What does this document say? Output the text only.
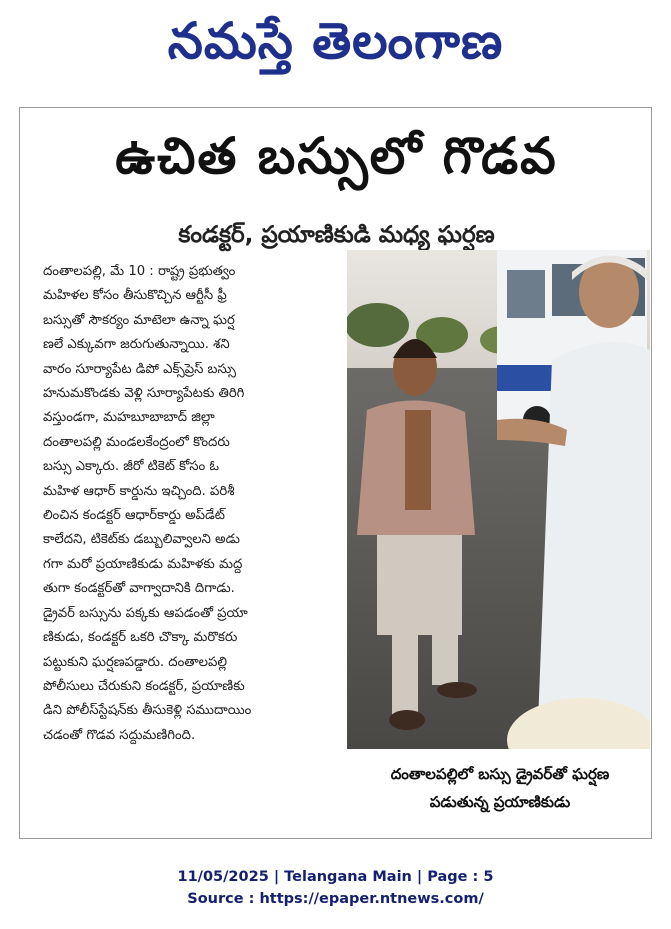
నమస్తే తెలంగాణ
ఉచిత బస్సులో గొడవ
కండక్టర్, ప్రయాణికుడి మధ్య ఘర్షణ
దంతాలపల్లి, మే 10 : రాష్ట్ర ప్రభుత్వం
మహిళల కోసం తీసుకొచ్చిన ఆర్టీసీ ఫ్రీ
బస్సుతో సౌకర్యం మాటెలా ఉన్నా ఘర్ష
ణలే ఎక్కువగా జరుగుతున్నాయి. శని
వారం సూర్యాపేట డిపో ఎక్స్‌ప్రెస్ బస్సు
హనుమకొండకు వెళ్లి సూర్యాపేటకు తిరిగి
వస్తుండగా, మహబూబాబాద్ జిల్లా
దంతాలపల్లి మండలకేంద్రంలో కొందరు
బస్సు ఎక్కారు. జీరో టికెట్ కోసం ఓ
మహిళ ఆధార్ కార్డును ఇచ్చింది. పరిశీ
లించిన కండక్టర్ ఆధార్‌కార్డు అప్‌డేట్
కాలేదని, టికెట్‌కు డబ్బులివ్వాలని అడు
గగా మరో ప్రయాణికుడు మహిళకు మద్ద
తుగా కండక్టర్‌తో వాగ్వాదానికి దిగాడు.
డ్రైవర్ బస్సును పక్కకు ఆపడంతో ప్రయా
ణికుడు, కండక్టర్ ఒకరి చొక్కా మరొకరు
పట్టుకుని ఘర్షణపడ్డారు. దంతాలపల్లి
పోలీసులు చేరుకుని కండక్టర్, ప్రయాణికు
డిని పోలీస్‌స్టేషన్‌కు తీసుకెళ్లి సముదాయిం
చడంతో గొడవ సద్దుమణిగింది.
దంతాలపల్లిలో బస్సు డ్రైవర్‌తో ఘర్షణ
పడుతున్న ప్రయాణికుడు
11/05/2025 | Telangana Main | Page : 5
Source : https://epaper.ntnews.com/
